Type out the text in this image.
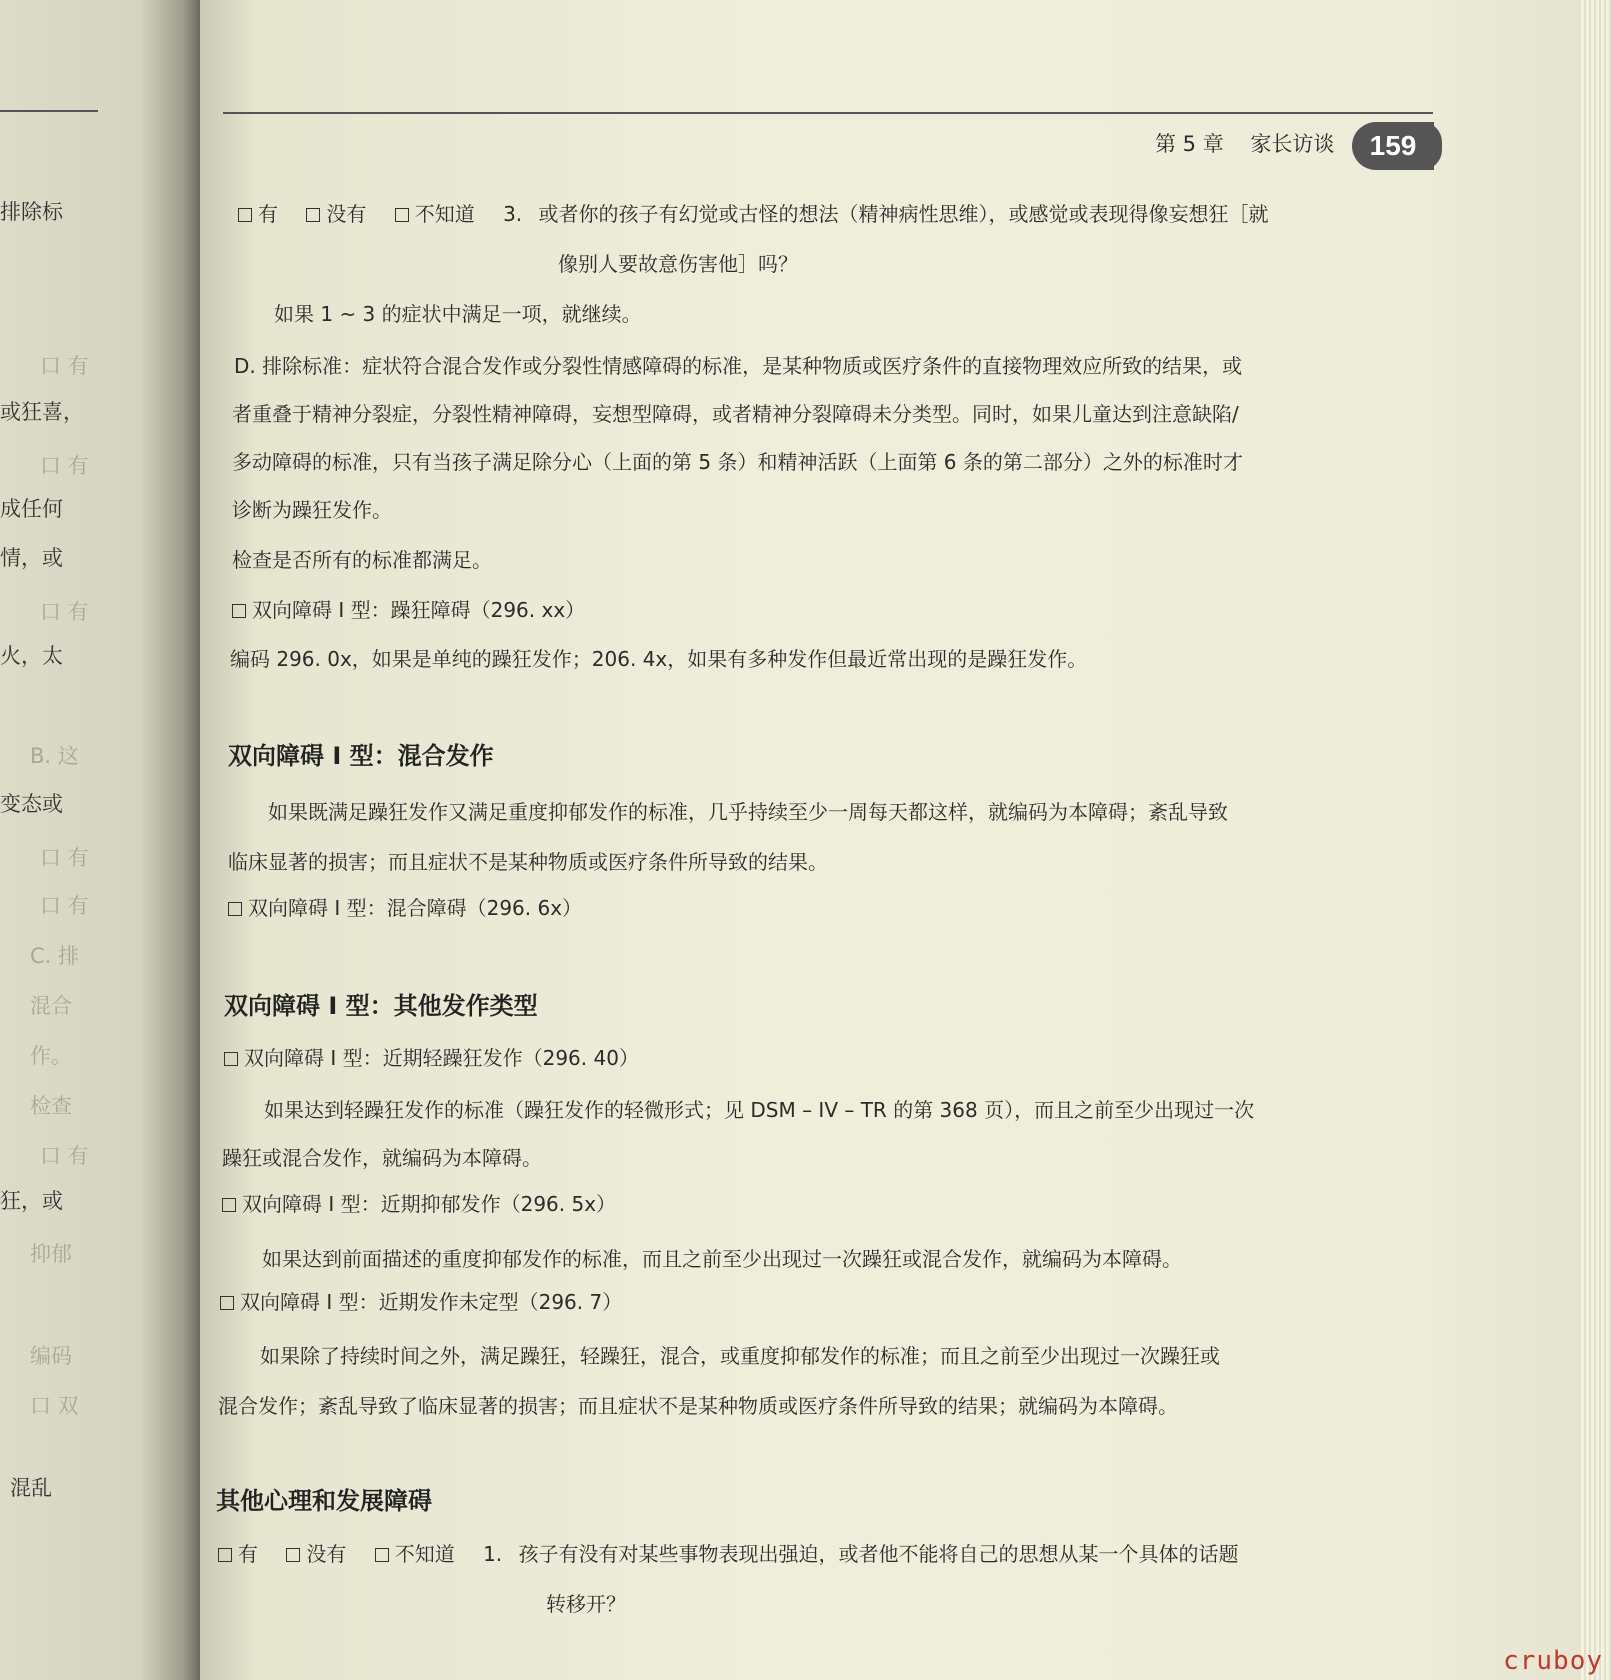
排除标
口 有
或狂喜，
口 有
成任何
情，或
口 有
火，太
B. 这
变态或
口 有
口 有
C. 排
混合
作。
检查
口 有
狂，或
抑郁
编码
口 双
混乱
第 5 章 家长访谈	159
有 没有 不知道 3. 或者你的孩子有幻觉或古怪的想法（精神病性思维），或感觉或表现得像妄想狂［就
像别人要故意伤害他］吗？
如果 1 ~ 3 的症状中满足一项，就继续。
D. 排除标准：症状符合混合发作或分裂性情感障碍的标准，是某种物质或医疗条件的直接物理效应所致的结果，或
者重叠于精神分裂症，分裂性精神障碍，妄想型障碍，或者精神分裂障碍未分类型。同时，如果儿童达到注意缺陷/
多动障碍的标准，只有当孩子满足除分心（上面的第 5 条）和精神活跃（上面第 6 条的第二部分）之外的标准时才
诊断为躁狂发作。
检查是否所有的标准都满足。
双向障碍 I 型：躁狂障碍（296. xx）
编码 296. 0x，如果是单纯的躁狂发作；206. 4x，如果有多种发作但最近常出现的是躁狂发作。
双向障碍 I 型：混合发作
如果既满足躁狂发作又满足重度抑郁发作的标准，几乎持续至少一周每天都这样，就编码为本障碍；紊乱导致
临床显著的损害；而且症状不是某种物质或医疗条件所导致的结果。
双向障碍 I 型：混合障碍（296. 6x）
双向障碍 I 型：其他发作类型
双向障碍 I 型：近期轻躁狂发作（296. 40）
如果达到轻躁狂发作的标准（躁狂发作的轻微形式；见 DSM – IV – TR 的第 368 页），而且之前至少出现过一次
躁狂或混合发作，就编码为本障碍。
双向障碍 I 型：近期抑郁发作（296. 5x）
如果达到前面描述的重度抑郁发作的标准，而且之前至少出现过一次躁狂或混合发作，就编码为本障碍。
双向障碍 I 型：近期发作未定型（296. 7）
如果除了持续时间之外，满足躁狂，轻躁狂，混合，或重度抑郁发作的标准；而且之前至少出现过一次躁狂或
混合发作；紊乱导致了临床显著的损害；而且症状不是某种物质或医疗条件所导致的结果；就编码为本障碍。
其他心理和发展障碍
有 没有 不知道 1. 孩子有没有对某些事物表现出强迫，或者他不能将自己的思想从某一个具体的话题
转移开？
cruboy
